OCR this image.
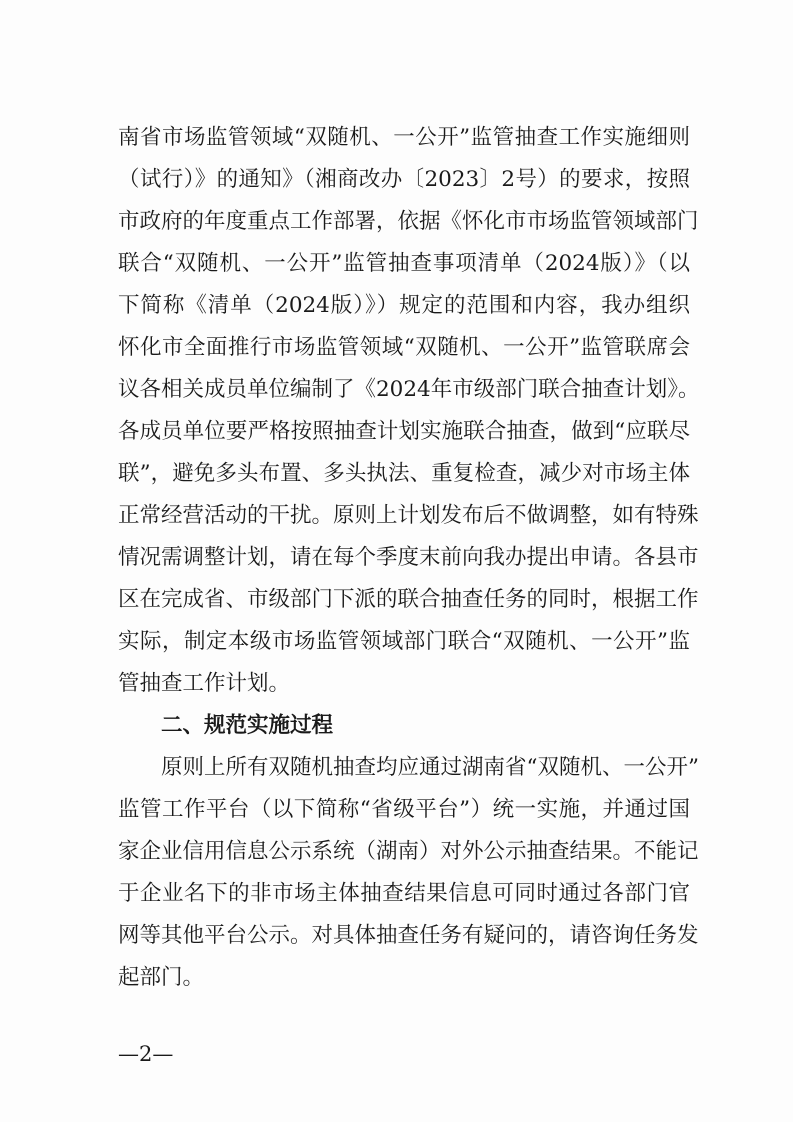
南省市场监管领域“双随机、一公开”监管抽查工作实施细则
（试行）》的通知》（湘商改办〔2023〕2号）的要求，按照
市政府的年度重点工作部署，依据《怀化市市场监管领域部门
联合“双随机、一公开”监管抽查事项清单（2024版）》（以
下简称《清单（2024版）》）规定的范围和内容，我办组织
怀化市全面推行市场监管领域“双随机、一公开”监管联席会
议各相关成员单位编制了《2024年市级部门联合抽查计划》。
各成员单位要严格按照抽查计划实施联合抽查，做到“应联尽
联”，避免多头布置、多头执法、重复检查，减少对市场主体
正常经营活动的干扰。原则上计划发布后不做调整，如有特殊
情况需调整计划，请在每个季度末前向我办提出申请。各县市
区在完成省、市级部门下派的联合抽查任务的同时，根据工作
实际，制定本级市场监管领域部门联合“双随机、一公开”监
管抽查工作计划。
二、规范实施过程
原则上所有双随机抽查均应通过湖南省“双随机、一公开”
监管工作平台（以下简称“省级平台”）统一实施，并通过国
家企业信用信息公示系统（湖南）对外公示抽查结果。不能记
于企业名下的非市场主体抽查结果信息可同时通过各部门官
网等其他平台公示。对具体抽查任务有疑问的，请咨询任务发
起部门。
—2—
